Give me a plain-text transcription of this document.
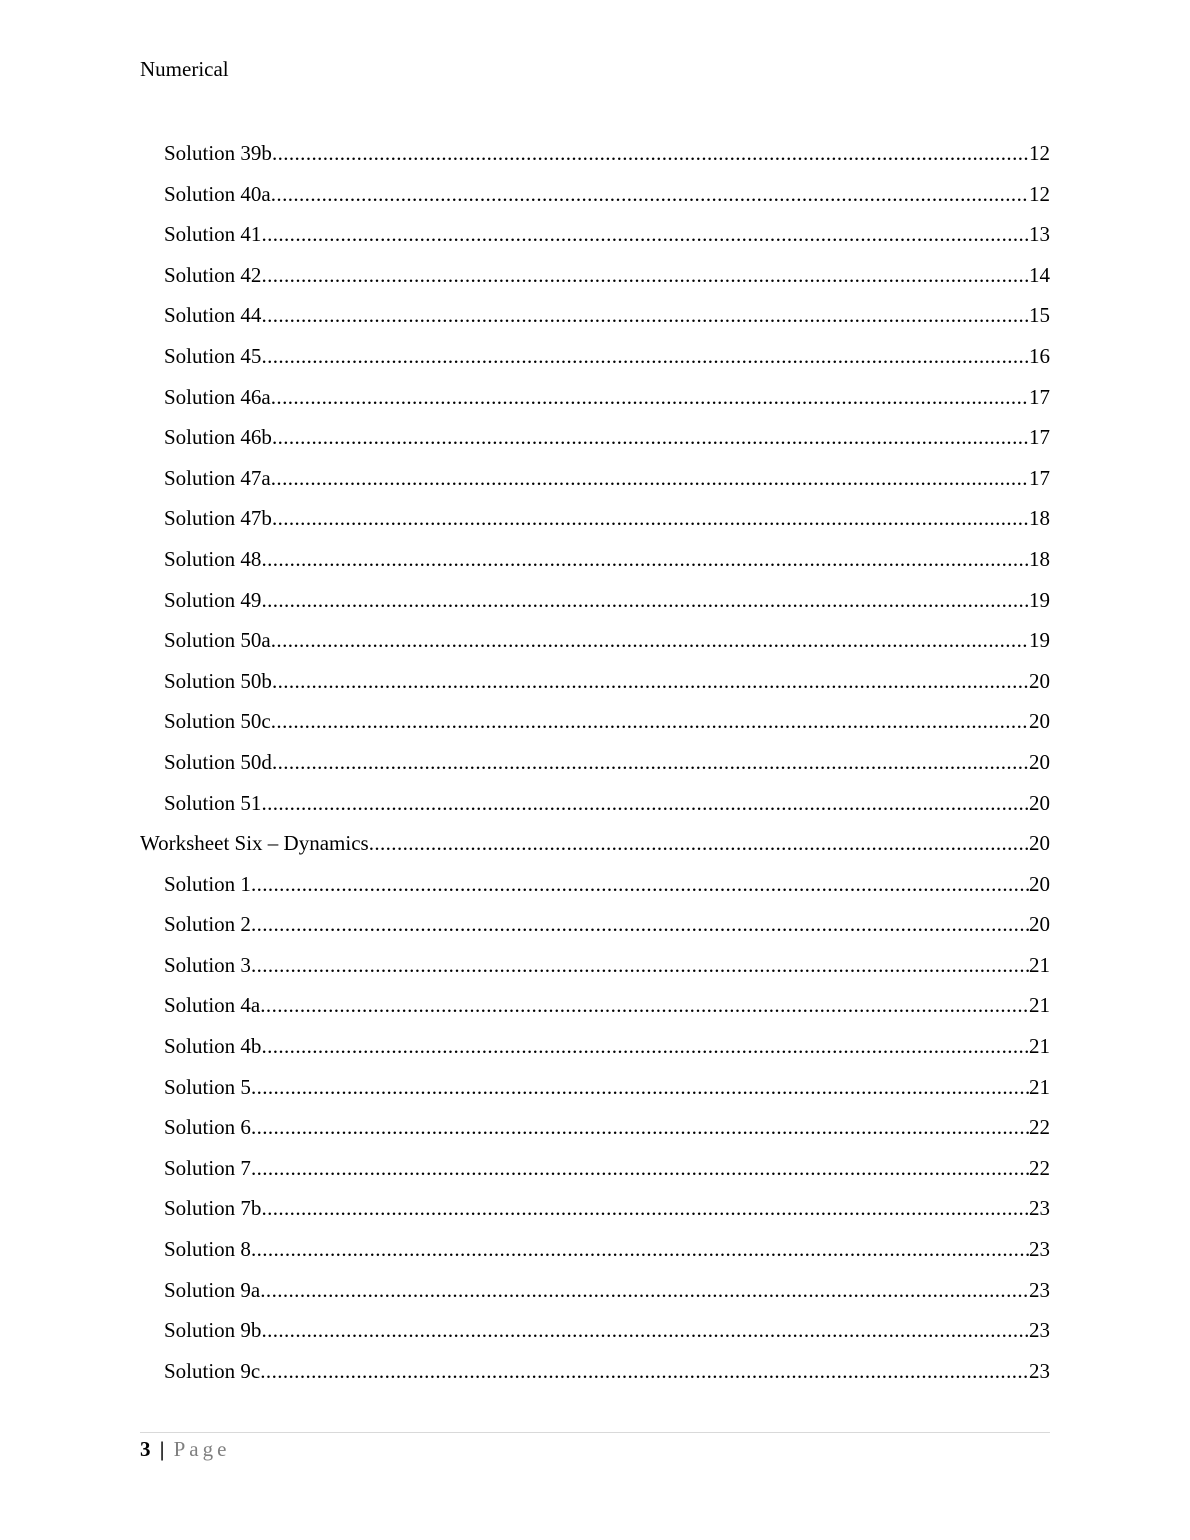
Numerical
Solution 39b .....	12
Solution 40a .....	12
Solution 41 .....	13
Solution 42 .....	14
Solution 44 .....	15
Solution 45 .....	16
Solution 46a .....	17
Solution 46b .....	17
Solution 47a .....	17
Solution 47b .....	18
Solution 48 .....	18
Solution 49 .....	19
Solution 50a .....	19
Solution 50b .....	20
Solution 50c .....	20
Solution 50d .....	20
Solution 51 .....	20
Worksheet Six – Dynamics .....	20
Solution 1 .....	20
Solution 2 .....	20
Solution 3 .....	21
Solution 4a .....	21
Solution 4b .....	21
Solution 5 .....	21
Solution 6 .....	22
Solution 7 .....	22
Solution 7b .....	23
Solution 8 .....	23
Solution 9a .....	23
Solution 9b .....	23
Solution 9c .....	23
3 | Page
